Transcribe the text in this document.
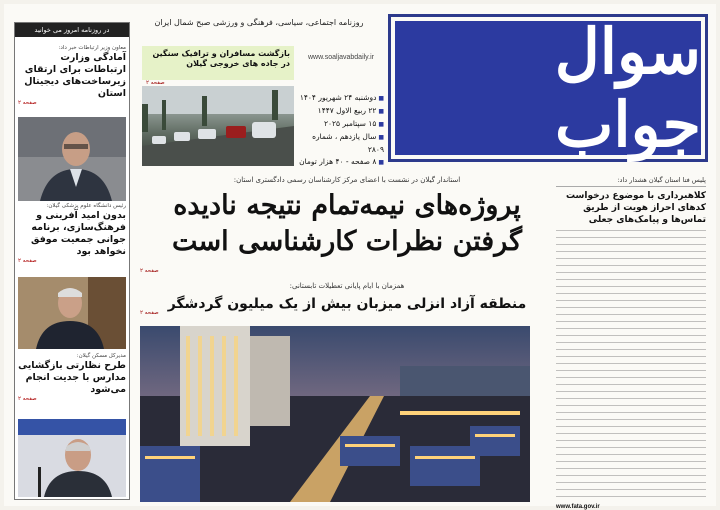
سوال جواب
روزنامه اجتماعی، سیاسی، فرهنگی و ورزشی صبح شمال ایران
www.soaljavabdaily.ir
■ دوشنبه ۲۴ شهریور ۱۴۰۴
■ ۲۲ ربیع الاول ۱۴۴۷
■ ۱۵ سپتامبر ۲۰۲۵
■ سال یازدهم ، شماره ۲۸۰۹
■ ۸ صفحه - ۴۰ هزار تومان
بازگشت مسافران و ترافیک سنگین در جاده های خروجی گیلان
صفحه ۲
در روزنامه امروز می خوانید
معاون وزیر ارتباطات خبر داد:
آمادگی وزارت ارتباطات برای ارتقای زیرساخت‌های دیجیتال استان
صفحه ۲
رئیس دانشگاه علوم پزشکی گیلان:
بدون امید آفرینی و فرهنگ‌سازی، برنامه جوانی جمعیت موفق نخواهد بود
صفحه ۲
مدیرکل مسکن گیلان:
طرح نظارتی بازگشایی مدارس با جدیت انجام می‌شود
صفحه ۲
پلیس فتا استان گیلان هشدار داد:
کلاهبرداری با موضوع درخواست کدهای احراز هویت از طریق تماس‌ها و پیامک‌های جعلی
www.fata.gov.ir
استاندار گیلان در نشست با اعضای مرکز کارشناسان رسمی دادگستری استان:
پروژه‌های نیمه‌تمام نتیجه نادیده
گرفتن نظرات کارشناسی است
صفحه ۲
همزمان با ایام پایانی تعطیلات تابستانی:
منطقه آزاد انزلی میزبان بیش از یک میلیون گردشگر
صفحه ۲
